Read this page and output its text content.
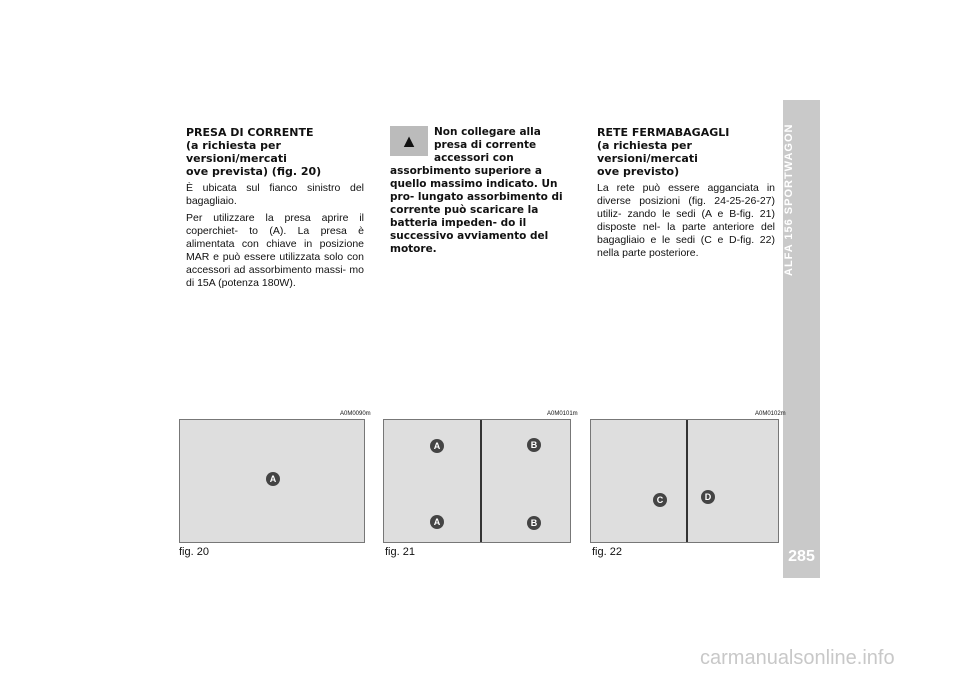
ALFA 156 SPORTWAGON
285
PRESA DI CORRENTE
(a richiesta per versioni/mercati
ove prevista) (fig. 20)

È ubicata sul fianco sinistro del bagagliaio.

Per utilizzare la presa aprire il coperchiet- to (A). La presa è alimentata con chiave in posizione MAR e può essere utilizzata solo con accessori ad assorbimento massi- mo di 15A (potenza 180W).

▲	Non collegare alla presa di corrente accessori con assorbimento superiore a quello massimo indicato. Un pro- lungato assorbimento di corrente può scaricare la batteria impeden- do il successivo avviamento del motore.
RETE FERMABAGAGLI
(a richiesta per versioni/mercati
ove previsto)

La rete può essere agganciata in diverse posizioni (fig. 24-25-26-27) utiliz- zando le sedi (A e B-fig. 21) disposte nel- la parte anteriore del bagagliaio e le sedi (C e D-fig. 22) nella parte posteriore.

A0M0090m
A
fig. 20
A0M0101m
A
A
B
B
fig. 21
A0M0102m
C	D
fig. 22
carmanualsonline.info
